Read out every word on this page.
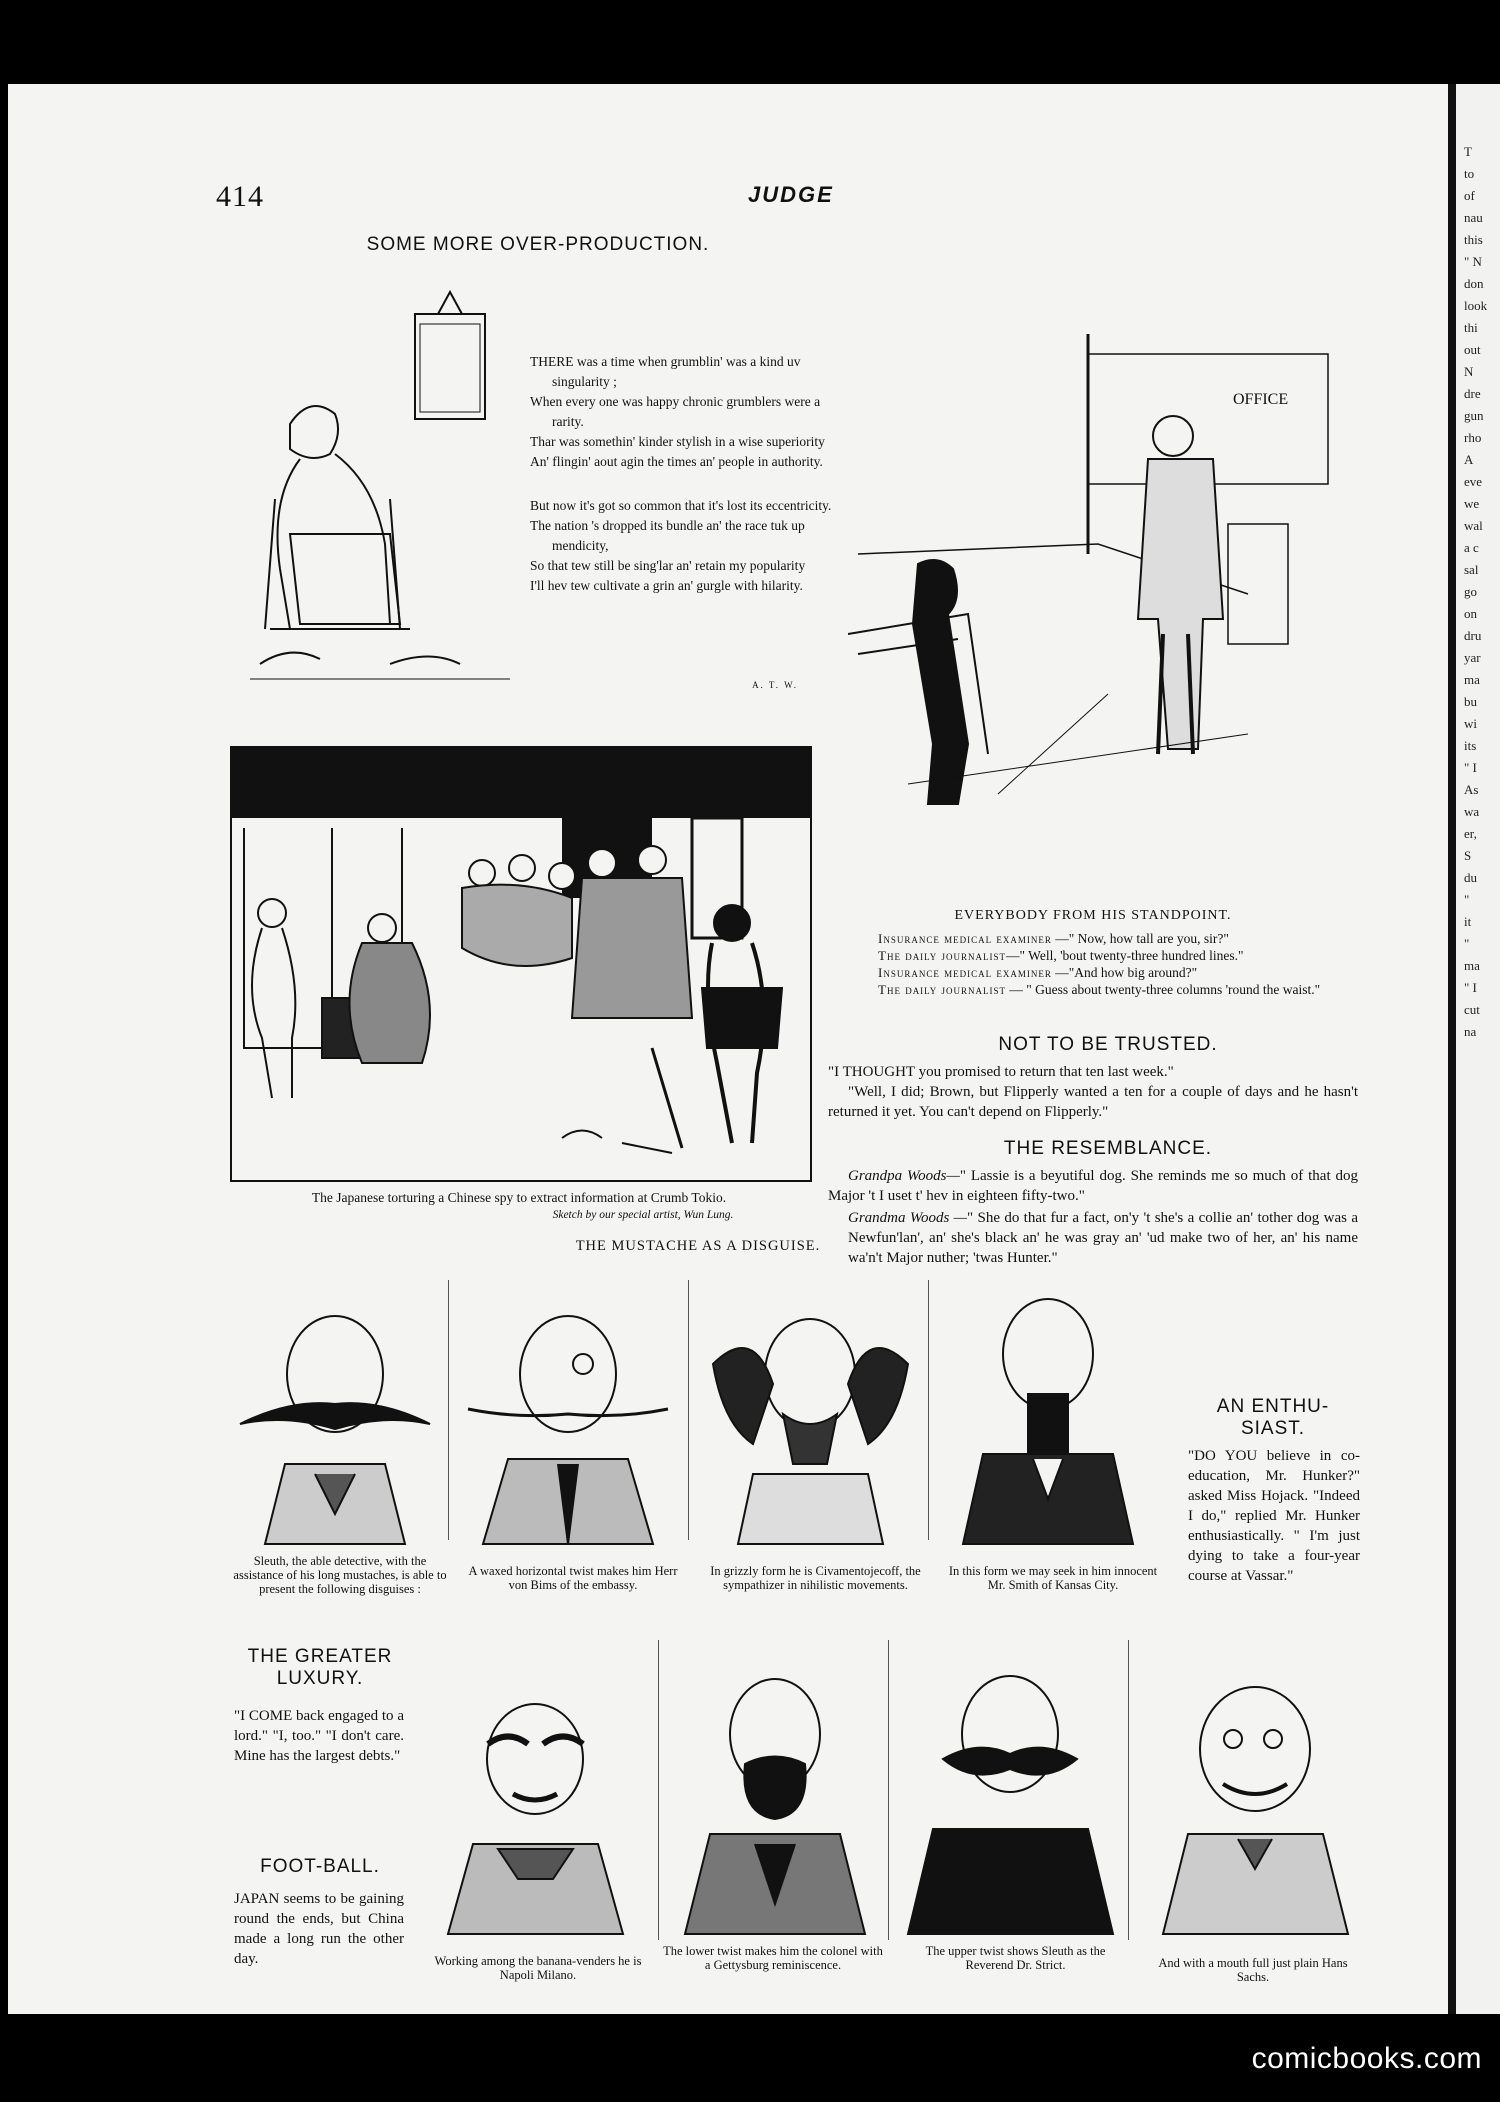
414	JUDGE
SOME MORE OVER-PRODUCTION.

THERE was a time when grumblin' was a kind uv singularity ;

When every one was happy chronic grumblers were a rarity.

Thar was somethin' kinder stylish in a wise superiority

An' flingin' aout agin the times an' people in authority.

But now it's got so common that it's lost its eccentricity.

The nation 's dropped its bundle an' the race tuk up mendicity,

So that tew still be sing'lar an' retain my popularity

I'll hev tew cultivate a grin an' gurgle with hilarity.

A. T. W.
OFFICE
The Japanese torturing a Chinese spy to extract information at Crumb Tokio.
Sketch by our special artist, Wun Lung.
EVERYBODY FROM HIS STANDPOINT.
Insurance medical examiner —" Now, how tall are you, sir?"
The daily journalist—" Well, 'bout twenty-three hundred lines."
Insurance medical examiner —"And how big around?"
The daily journalist — " Guess about twenty-three columns 'round the waist."
NOT TO BE TRUSTED.

"I THOUGHT you promised to return that ten last week."

"Well, I did; Brown, but Flipperly wanted a ten for a couple of days and he hasn't returned it yet. You can't depend on Flipperly."

THE RESEMBLANCE.

Grandpa Woods—" Lassie is a beyutiful dog. She reminds me so much of that dog Major 't I uset t' hev in eighteen fifty-two."

Grandma Woods —" She do that fur a fact, on'y 't she's a collie an' tother dog was a Newfun'lan', an' she's black an' he was gray an' 'ud make two of her, an' his name wa'n't Major nuther; 'twas Hunter."

THE MUSTACHE AS A DISGUISE.
Sleuth, the able detective, with the assistance of his long mustaches, is able to present the following disguises :
A waxed horizontal twist makes him Herr von Bims of the embassy.
In grizzly form he is Civamentojecoff, the sympathizer in nihilistic movements.
In this form we may seek in him innocent Mr. Smith of Kansas City.
AN ENTHU-
SIAST.
"DO YOU believe in co-education, Mr. Hunker?" asked Miss Hojack. "Indeed I do," replied Mr. Hunker enthusiastically. " I'm just dying to take a four-year course at Vassar."
THE GREATER
LUXURY.
"I COME back engaged to a lord." "I, too." "I don't care. Mine has the largest debts."
FOOT-BALL.
JAPAN seems to be gaining round the ends, but China made a long run the other day.	Working among the banana-venders he is Napoli Milano.
The lower twist makes him the colonel with a Gettysburg reminiscence.
The upper twist shows Sleuth as the Reverend Dr. Strict.	And with a mouth full just plain Hans Sachs.
T
to
of
nau
this
" N
don
look
thi
out
N
dre
gun
rho
A
eve
we
wal
a c
sal
go
on
dru
yar
ma
bu
wi
its
" I
As
wa
er,
S
du
"
it
"
ma
" I
cut
na
comicbooks.com
